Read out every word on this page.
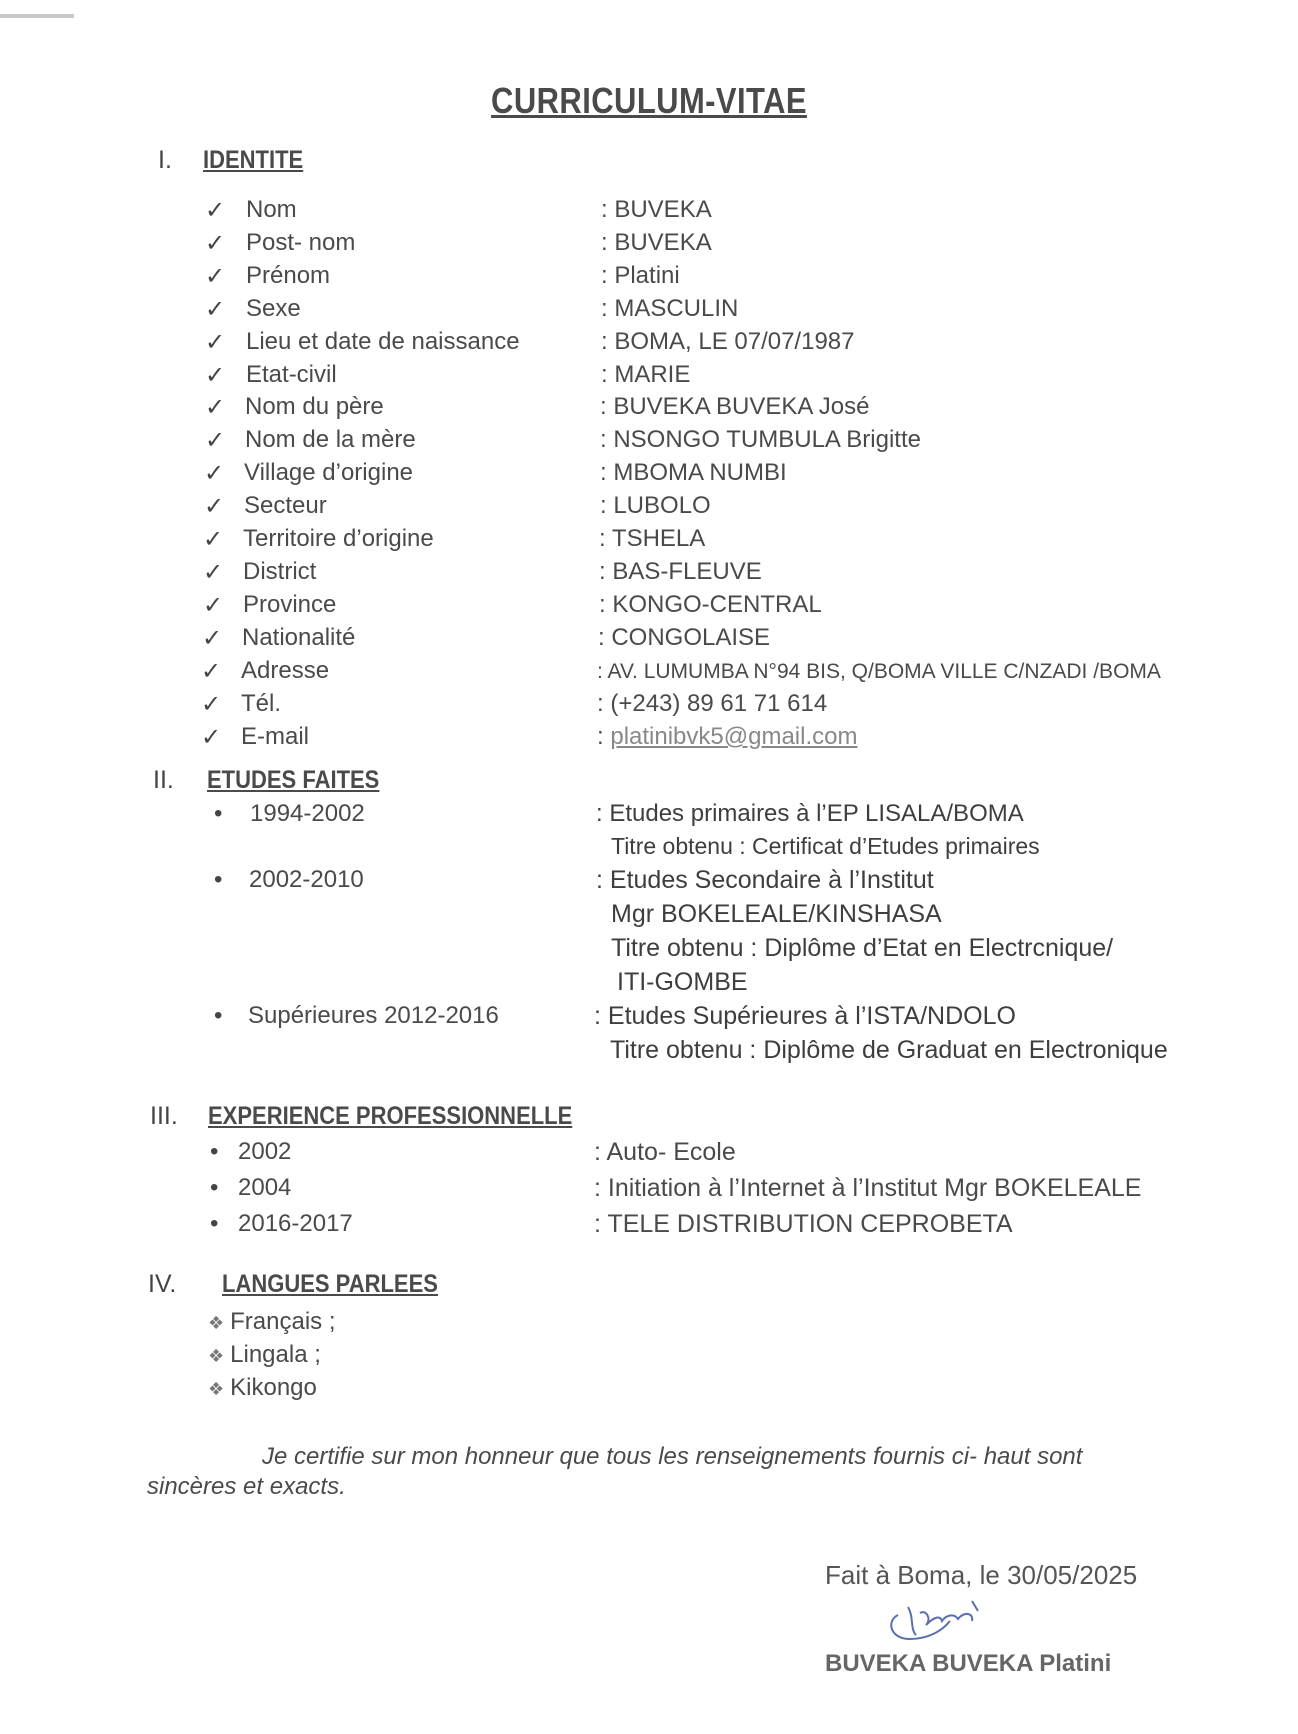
CURRICULUM-VITAE
I. IDENTITE
✓ Nom	: BUVEKA
✓ Post- nom	: BUVEKA
✓ Prénom	: Platini
✓ Sexe	: MASCULIN
✓ Lieu et date de naissance	: BOMA, LE 07/07/1987
✓ Etat-civil	: MARIE
✓ Nom du père	: BUVEKA BUVEKA José
✓ Nom de la mère	: NSONGO TUMBULA Brigitte
✓ Village d’origine	: MBOMA NUMBI
✓ Secteur	: LUBOLO
✓ Territoire d’origine	: TSHELA
✓ District	: BAS-FLEUVE
✓ Province	: KONGO-CENTRAL
✓ Nationalité	: CONGOLAISE
✓ Adresse	: AV. LUMUMBA N°94 BIS, Q/BOMA VILLE C/NZADI /BOMA
✓ Tél.	: (+243) 89 61 71 614
✓ E-mail	: platinibvk5@gmail.com
II. ETUDES FAITES
• 1994-2002	: Etudes primaires à l’EP LISALA/BOMA
Titre obtenu : Certificat d’Etudes primaires
• 2002-2010	: Etudes Secondaire à l’Institut
Mgr BOKELEALE/KINSHASA
Titre obtenu : Diplôme d’Etat en Electrcnique/
ITI-GOMBE
• Supérieures 2012-2016	: Etudes Supérieures à l’ISTA/NDOLO
Titre obtenu : Diplôme de Graduat en Electronique
III. EXPERIENCE PROFESSIONNELLE
• 2002	: Auto- Ecole
• 2004	: Initiation à l’Internet à l’Institut Mgr BOKELEALE
• 2016-2017	: TELE DISTRIBUTION CEPROBETA
IV. LANGUES PARLEES
❖ Français ;
❖ Lingala ;
❖ Kikongo
Je certifie sur mon honneur que tous les renseignements fournis ci- haut sont
sincères et exacts.
Fait à Boma, le 30/05/2025
BUVEKA BUVEKA Platini
